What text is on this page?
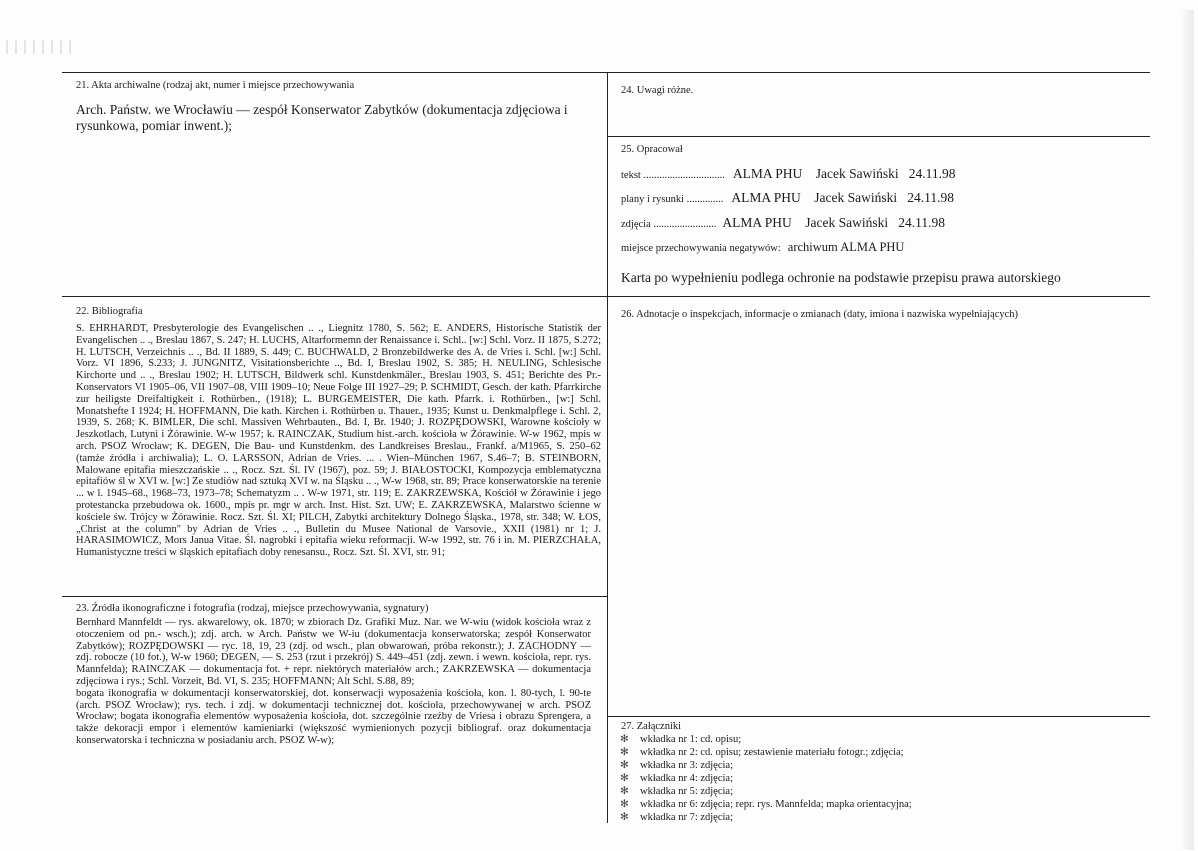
21. Akta archiwalne (rodzaj akt, numer i miejsce przechowywania
Arch. Państw. we Wrocławiu — zespół Konserwator Zabytków (dokumentacja zdjęciowa i rysunkowa, pomiar inwent.);
24. Uwagi różne.
25. Opracował
tekst ............................... ALMA PHU    Jacek Sawiński   24.11.98
plany i rysunki .............. ALMA PHU    Jacek Sawiński   24.11.98
zdjęcia ........................ ALMA PHU    Jacek Sawiński   24.11.98
miejsce przechowywania negatywów: archiwum ALMA PHU
Karta po wypełnieniu podlega ochronie na podstawie przepisu prawa autorskiego
22. Bibliografia

S. EHRHARDT, Presbyterologie des Evangelischen .. ., Liegnitz 1780, S. 562; E. ANDERS, Historische Statistik der Evangelischen .. ., Breslau 1867, S. 247; H. LUCHS, Altarformemn der Renaissance i. Schl.. [w:] Schl. Vorz. II 1875, S.272; H. LUTSCH, Verzeichnis .. ., Bd. II 1889, S. 449; C. BUCHWALD, 2 Bronzebildwerke des A. de Vries i. Schl. [w:] Schl. Vorz. VI 1896, S.233; J. JUNGNITZ, Visitationsberichte .., Bd. I, Breslau 1902, S. 385; H. NEULING, Schlesische Kirchorte und .. ., Breslau 1902; H. LUTSCH, Bildwerk schl. Kunstdenkmäler., Breslau 1903, S. 451; Berichte des Pr.-Konservators VI 1905–06, VII 1907–08, VIII 1909–10; Neue Folge III 1927–29; P. SCHMIDT, Gesch. der kath. Pfarrkirche zur heiligste Dreifaltigkeit i. Rothürben., (1918); L. BURGEMEISTER, Die kath. Pfarrk. i. Rothürben., [w:] Schl. Monatshefte I 1924; H. HOFFMANN, Die kath. Kirchen i. Rothürben u. Thauer., 1935; Kunst u. Denkmalpflege i. Schl. 2, 1939, S. 268; K. BIMLER, Die schl. Massiven Wehrbauten., Bd. I, Br. 1940; J. ROZPĘDOWSKI, Warowne kościoły w Jeszkotlach, Lutyni i Żórawinie. W-w 1957; k. RAINCZAK, Studium hist.-arch. kościoła w Żórawinie. W-w 1962, mpis w arch. PSOZ Wrocław; K. DEGEN, Die Bau- und Kunstdenkm. des Landkreises Breslau., Frankf. a/M1965, S. 250–62 (tamże źródła i archiwalia); L. O. LARSSON, Adrian de Vries. ... . Wien–München 1967, S.46–7; B. STEINBORN, Malowane epitafia mieszczańskie .. ., Rocz. Szt. Śl. IV (1967), poz. 59; J. BIAŁOSTOCKI, Kompozycja emblematyczna epitafiów śl w XVI w. [w:] Ze studiów nad sztuką XVI w. na Śląsku .. ., W-w 1968, str. 89; Prace konserwatorskie na terenie ... w l. 1945–68., 1968–73, 1973–78; Schematyzm .. . W-w 1971, str. 119; E. ZAKRZEWSKA, Kościół w Żórawinie i jego protestancka przebudowa ok. 1600., mpis pr. mgr w arch. Inst. Hist. Szt. UW; E. ZAKRZEWSKA, Malarstwo ścienne w kościele św. Trójcy w Żórawinie. Rocz. Szt. Śl. XI; PILCH, Zabytki architektury Dolnego Śląska., 1978, str. 348; W. ŁOS, „Christ at the column" by Adrian de Vries .. ., Bulletin du Musee National de Varsovie., XXII (1981) nr 1; J. HARASIMOWICZ, Mors Janua Vitae. Śl. nagrobki i epitafia wieku reformacji. W-w 1992, str. 76 i in. M. PIERZCHAŁA, Humanistyczne treści w śląskich epitafiach doby renesansu., Rocz. Szt. Śl. XVI, str. 91;

26. Adnotacje o inspekcjach, informacje o zmianach (daty, imiona i nazwiska wypełniających)
23. Źródła ikonograficzne i fotografia (rodzaj, miejsce przechowywania, sygnatury)

Bernhard Mannfeldt — rys. akwarelowy, ok. 1870; w zbiorach Dz. Grafiki Muz. Nar. we W-wiu (widok kościoła wraz z otoczeniem od pn.- wsch.); zdj. arch. w Arch. Państw we W-iu (dokumentacja konserwatorska; zespół Konserwator Zabytków); ROZPĘDOWSKI — ryc. 18, 19, 23 (zdj. od wsch., plan obwarowań, próba rekonstr.); J. ZACHODNY — zdj. robocze (10 fot.), W-w 1960; DEGEN, — S. 253 (rzut i przekrój) S. 449–451 (zdj. zewn. i wewn. kościoła, repr. rys. Mannfelda); RAINCZAK — dokumentacja fot. + repr. niektórych materiałów arch.; ZAKRZEWSKA — dokumentacja zdjęciowa i rys.; Schl. Vorzeit, Bd. VI, S. 235; HOFFMANN; Alt Schl. S.88, 89;

bogata ikonografia w dokumentacji konserwatorskiej, dot. konserwacji wyposażenia kościoła, kon. l. 80-tych, l. 90-te (arch. PSOZ Wrocław); rys. tech. i zdj. w dokumentacji technicznej dot. kościoła, przechowywanej w arch. PSOZ Wrocław; bogata ikonografia elementów wyposażenia kościoła, dot. szczególnie rzeźby de Vriesa i obrazu Sprengera, a także dekoracji empor i elementów kamieniarki (większość wymienionych pozycji bibliograf. oraz dokumentacja konserwatorska i techniczna w posiadaniu arch. PSOZ W-w);

27. Załączniki
✻ wkładka nr 1: cd. opisu;
✻ wkładka nr 2: cd. opisu; zestawienie materiału fotogr.; zdjęcia;
✻ wkładka nr 3: zdjęcia;
✻ wkładka nr 4: zdjęcia;
✻ wkładka nr 5: zdjęcia;
✻ wkładka nr 6: zdjęcia; repr. rys. Mannfelda; mapka orientacyjna;
✻ wkładka nr 7: zdjęcia;
